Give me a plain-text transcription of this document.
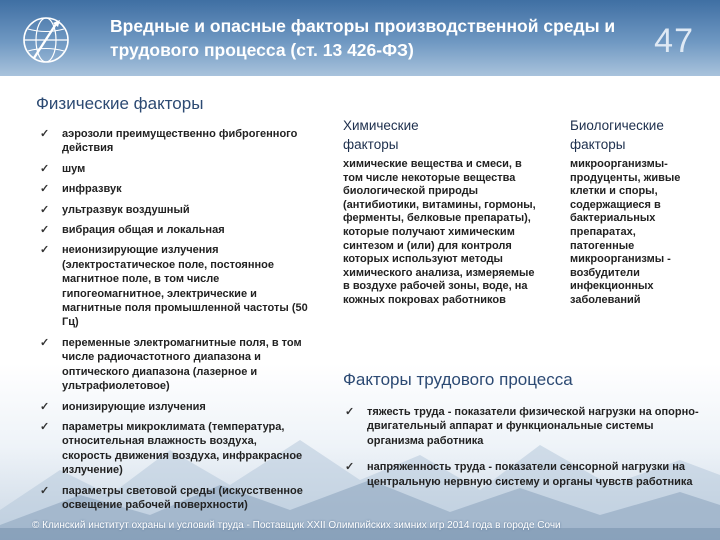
Вредные и опасные факторы производственной среды и трудового процесса (ст. 13 426-ФЗ)	47
Физические факторы
✓ аэрозоли преимущественно фиброгенного действия
✓ шум
✓ инфразвук
✓ ультразвук воздушный
✓ вибрация общая и локальная
✓ неионизирующие излучения (электростатическое поле, постоянное магнитное поле, в том числе гипогеомагнитное, электрические и магнитные поля промышленной частоты (50 Гц)
✓ переменные электромагнитные поля, в том числе радиочастотного диапазона и оптического диапазона (лазерное и ультрафиолетовое)
✓ ионизирующие излучения
✓ параметры микроклимата (температура, относительная влажность воздуха, скорость движения воздуха, инфракрасное излучение)
✓ параметры световой среды (искусственное освещение рабочей поверхности)
Химические факторы
химические вещества и смеси, в том числе некоторые вещества биологической природы (антибиотики, витамины, гормоны, ферменты, белковые препараты), которые получают химическим синтезом и (или) для контроля которых используют методы химического анализа, измеряемые в воздухе рабочей зоны, воде, на кожных покровах работников
Биологические факторы
микроорганизмы-продуценты, живые клетки и споры, содержащиеся в бактериальных препаратах, патогенные микроорганизмы - возбудители инфекционных заболеваний
Факторы трудового процесса
✓ тяжесть труда - показатели физической нагрузки на опорно-двигательный аппарат и функциональные системы организма работника
✓ напряженность труда - показатели сенсорной нагрузки на центральную нервную систему и органы чувств работника
© Клинский институт охраны и условий труда - Поставщик XXII Олимпийских зимних игр 2014 года в городе Сочи
